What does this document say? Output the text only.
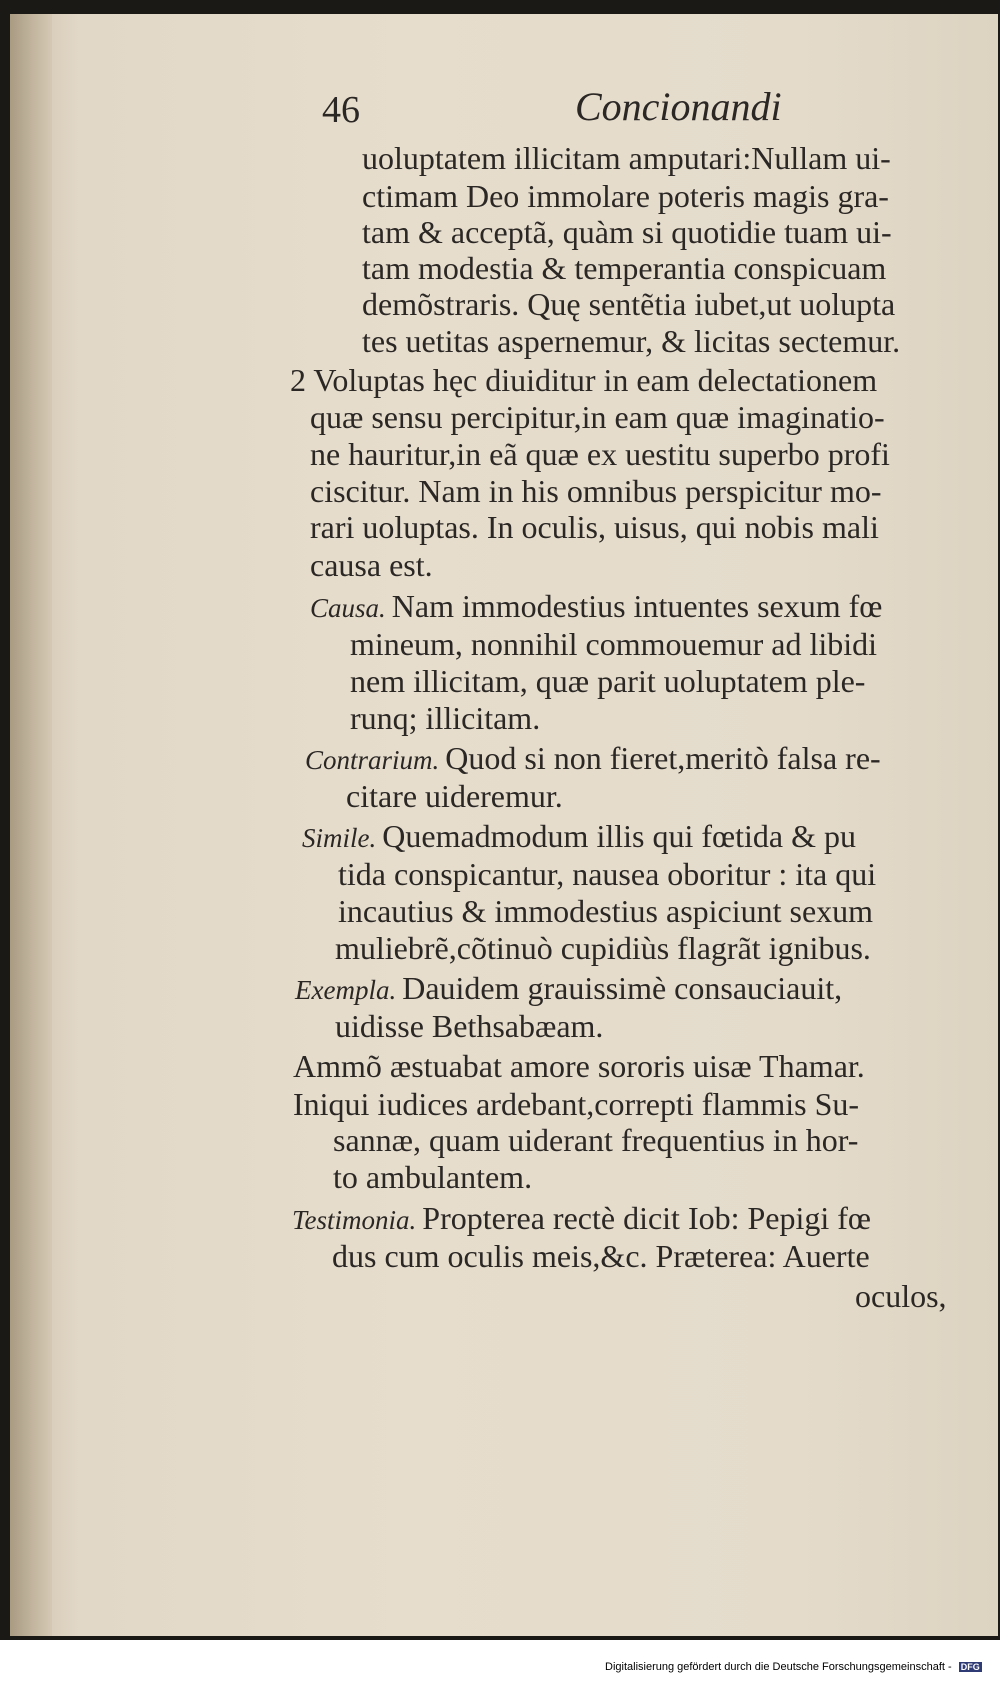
46	Concionandi
uoluptatem illicitam amputari:Nullam ui-
ctimam Deo immolare poteris magis gra-
tam & acceptã, quàm si quotidie tuam ui-
tam modestia & temperantia conspicuam
demõstraris. Quę sentẽtia iubet,ut uolupta
tes uetitas aspernemur, & licitas sectemur.
2 Voluptas hęc diuiditur in eam delectationem
quæ sensu percipitur,in eam quæ imaginatio-
ne hauritur,in eã quæ ex uestitu superbo profi
ciscitur. Nam in his omnibus perspicitur mo-
rari uoluptas. In oculis, uisus, qui nobis mali
causa est.
Causa. Nam immodestius intuentes sexum fœ
mineum, nonnihil commouemur ad libidi
nem illicitam, quæ parit uoluptatem ple-
runq; illicitam.
Contrarium. Quod si non fieret,meritò falsa re-
citare uideremur.
Simile. Quemadmodum illis qui fœtida & pu
tida conspicantur, nausea oboritur : ita qui
incautius & immodestius aspiciunt sexum
muliebrẽ,cõtinuò cupidiùs flagrãt ignibus.
Exempla. Dauidem grauissimè consauciauit,
uidisse Bethsabæam.
Ammõ æstuabat amore sororis uisæ Thamar.
Iniqui iudices ardebant,correpti flammis Su-
sannæ, quam uiderant frequentius in hor-
to ambulantem.
Testimonia. Propterea rectè dicit Iob: Pepigi fœ
dus cum oculis meis,&c. Præterea: Auerte
oculos,
Digitalisierung gefördert durch die Deutsche Forschungsgemeinschaft - DFG
